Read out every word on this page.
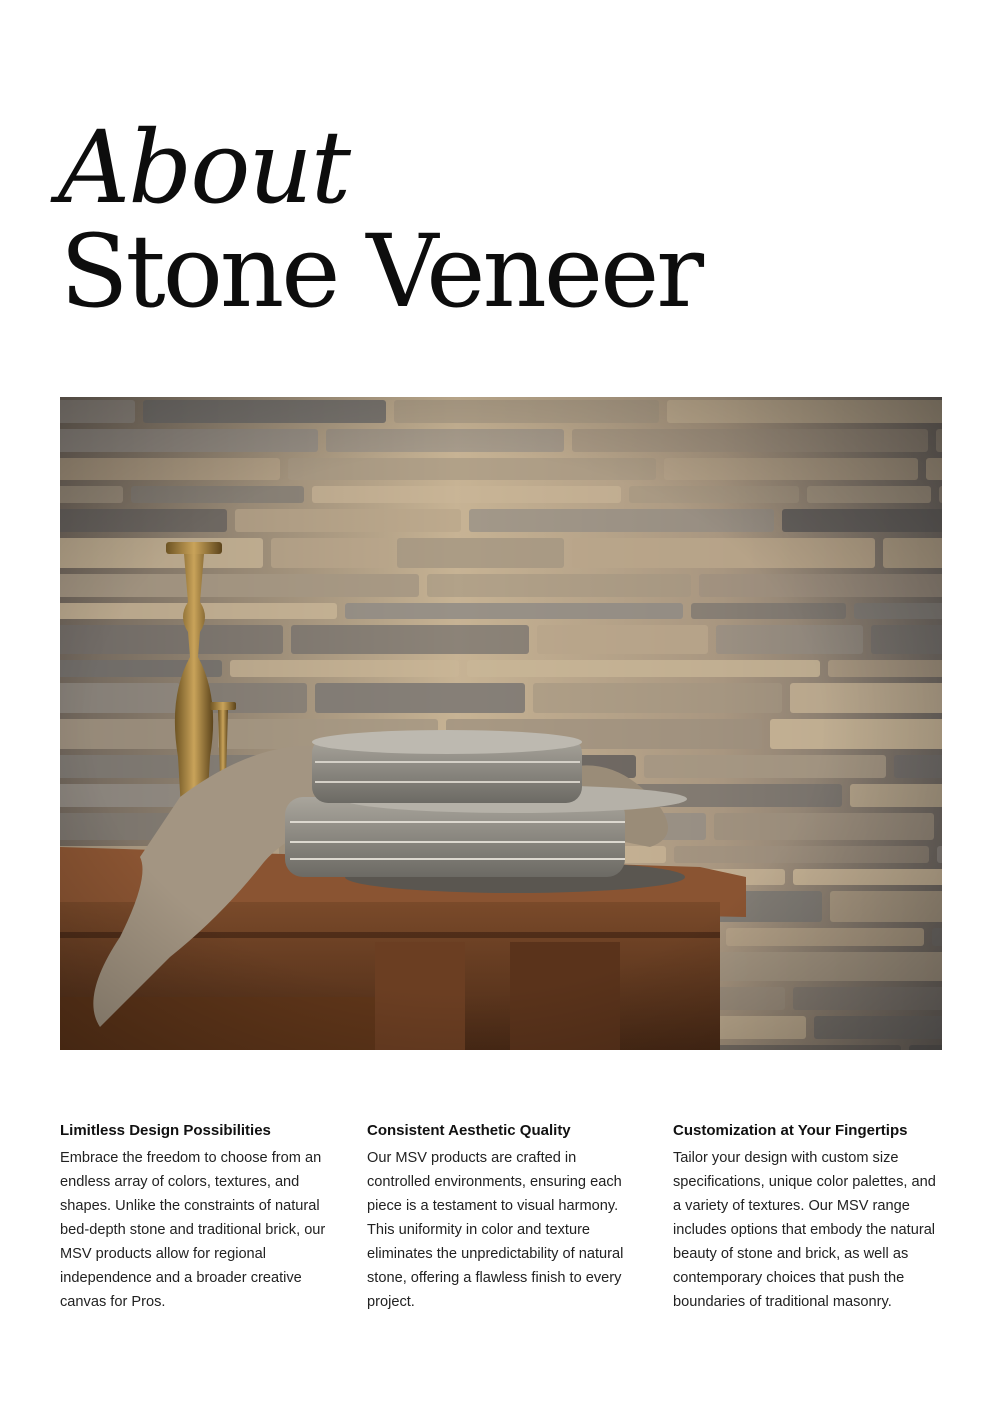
About
Stone Veneer
Limitless Design Possibilities

Embrace the freedom to choose from an endless array of colors, textures, and shapes. Unlike the constraints of natural bed-depth stone and traditional brick, our MSV products allow for regional independence and a broader creative canvas for Pros.

Consistent Aesthetic Quality

Our MSV products are crafted in controlled environments, ensuring each piece is a testament to visual harmony. This uniformity in color and texture eliminates the unpredictability of natural stone, offering a flawless finish to every project.

Customization at Your Fingertips

Tailor your design with custom size specifications, unique color palettes, and a variety of textures. Our MSV range includes options that embody the natural beauty of stone and brick, as well as contemporary choices that push the boundaries of traditional masonry.
